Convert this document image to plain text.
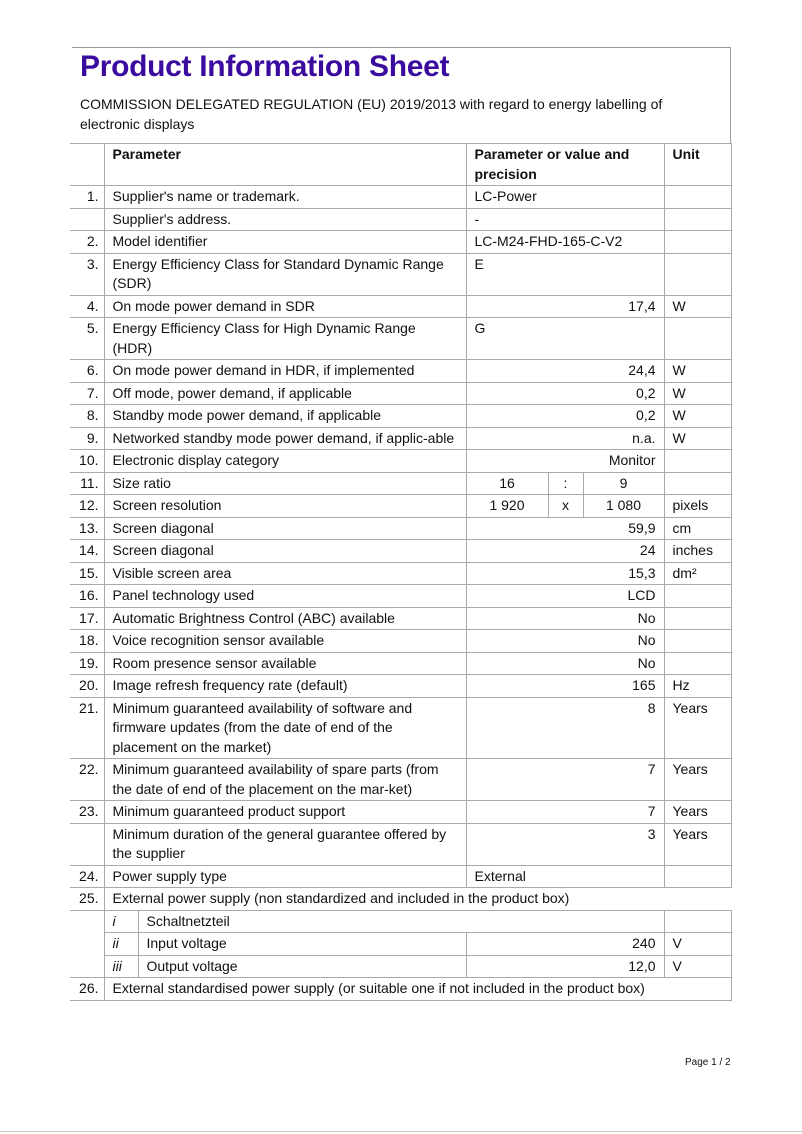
Product Information Sheet
COMMISSION DELEGATED REGULATION (EU) 2019/2013 with regard to energy labelling of electronic displays
	Parameter		Parameter or value and precision			Unit
1.	Supplier's name or trademark.		LC-Power			
	Supplier's address.		-			
2.	Model identifier		LC-M24-FHD-165-C-V2			
3.	Energy Efficiency Class for Standard Dynamic Range (SDR)		E			
4.	On mode power demand in SDR		17,4			W
5.	Energy Efficiency Class for High Dynamic Range (HDR)		G			
6.	On mode power demand in HDR, if implemented		24,4			W
7.	Off mode, power demand, if applicable		0,2			W
8.	Standby mode power demand, if applicable		0,2			W
9.	Networked standby mode power demand, if applic-able		n.a.			W
10.	Electronic display category		Monitor			
11.	Size ratio		16	:	9	
12.	Screen resolution		1 920	x	1 080	pixels
13.	Screen diagonal		59,9			cm
14.	Screen diagonal		24			inches
15.	Visible screen area		15,3			dm²
16.	Panel technology used		LCD			
17.	Automatic Brightness Control (ABC) available		No			
18.	Voice recognition sensor available		No			
19.	Room presence sensor available		No			
20.	Image refresh frequency rate (default)		165			Hz
21.	Minimum guaranteed availability of software and firmware updates (from the date of end of the placement on the market)		8			Years
22.	Minimum guaranteed availability of spare parts (from the date of end of the placement on the mar-ket)		7			Years
23.	Minimum guaranteed product support		7			Years
	Minimum duration of the general guarantee offered by the supplier		3			Years
24.	Power supply type		External			
25.	External power supply (non standardized and included in the product box)					
	i	Schaltnetzteil				
	ii	Input voltage	240			V
	iii	Output voltage	12,0			V
26.	External standardised power supply (or suitable one if not included in the product box)					
Page 1 / 2
